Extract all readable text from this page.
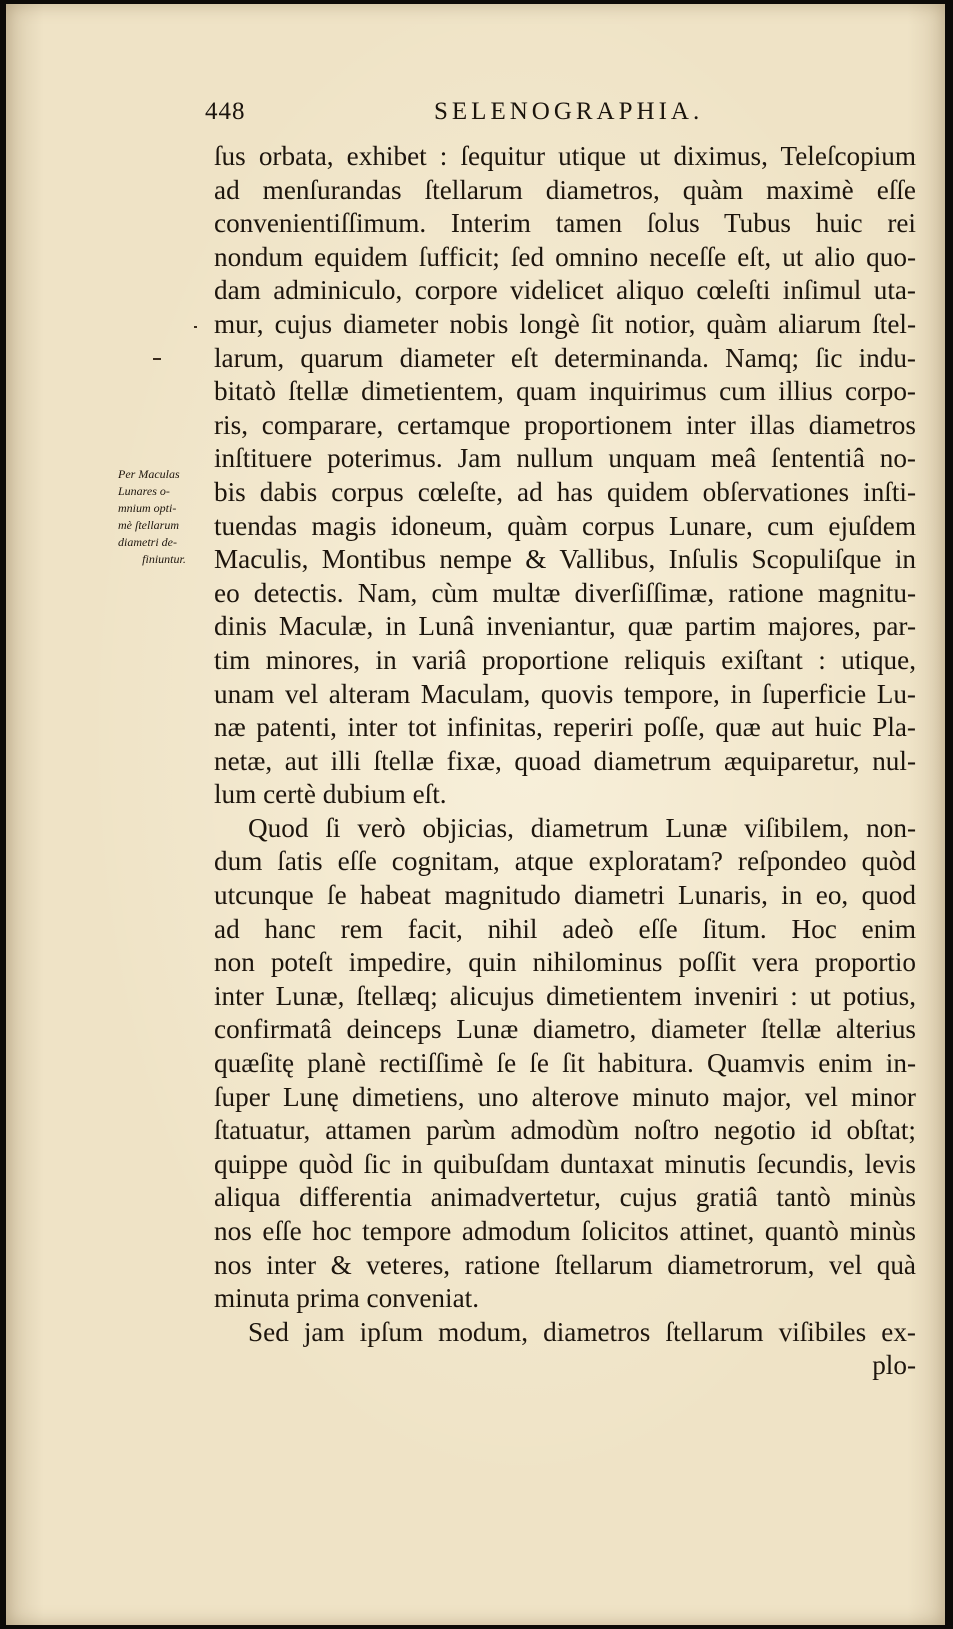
448	SELENOGRAPHIA.
Per Maculas
Lunares o-
mnium opti-
mè ſtellarum
diametri de-
finiuntur.
ſus orbata, exhibet : ſequitur utique ut diximus, Teleſcopium
ad menſurandas ſtellarum diametros, quàm maximè eſſe
convenientiſſimum. Interim tamen ſolus Tubus huic rei
nondum equidem ſufficit; ſed omnino neceſſe eſt, ut alio quo-
dam adminiculo, corpore videlicet aliquo cœleſti inſimul uta-
mur, cujus diameter nobis longè ſit notior, quàm aliarum ſtel-
larum, quarum diameter eſt determinanda. Namq; ſic indu-
bitatò ſtellæ dimetientem, quam inquirimus cum illius corpo-
ris, comparare, certamque proportionem inter illas diametros
inſtituere poterimus. Jam nullum unquam meâ ſententiâ no-
bis dabis corpus cœleſte, ad has quidem obſervationes inſti-
tuendas magis idoneum, quàm corpus Lunare, cum ejuſdem
Maculis, Montibus nempe & Vallibus, Inſulis Scopuliſque in
eo detectis. Nam, cùm multæ diverſiſſimæ, ratione magnitu-
dinis Maculæ, in Lunâ inveniantur, quæ partim majores, par-
tim minores, in variâ proportione reliquis exiſtant : utique,
unam vel alteram Maculam, quovis tempore, in ſuperficie Lu-
næ patenti, inter tot infinitas, reperiri poſſe, quæ aut huic Pla-
netæ, aut illi ſtellæ fixæ, quoad diametrum æquiparetur, nul-
lum certè dubium eſt.
Quod ſi verò objicias, diametrum Lunæ viſibilem, non-
dum ſatis eſſe cognitam, atque exploratam? reſpondeo quòd
utcunque ſe habeat magnitudo diametri Lunaris, in eo, quod
ad hanc rem facit, nihil adeò eſſe ſitum. Hoc enim
non poteſt impedire, quin nihilominus poſſit vera proportio
inter Lunæ, ſtellæq; alicujus dimetientem inveniri : ut potius,
confirmatâ deinceps Lunæ diametro, diameter ſtellæ alterius
quæſitę planè rectiſſimè ſe ſe ſit habitura. Quamvis enim in-
ſuper Lunę dimetiens, uno alterove minuto major, vel minor
ſtatuatur, attamen parùm admodùm noſtro negotio id obſtat;
quippe quòd ſic in quibuſdam duntaxat minutis ſecundis, levis
aliqua differentia animadvertetur, cujus gratiâ tantò minùs
nos eſſe hoc tempore admodum ſolicitos attinet, quantò minùs
nos inter & veteres, ratione ſtellarum diametrorum, vel quà
minuta prima conveniat.
Sed jam ipſum modum, diametros ſtellarum viſibiles ex-
plo-
